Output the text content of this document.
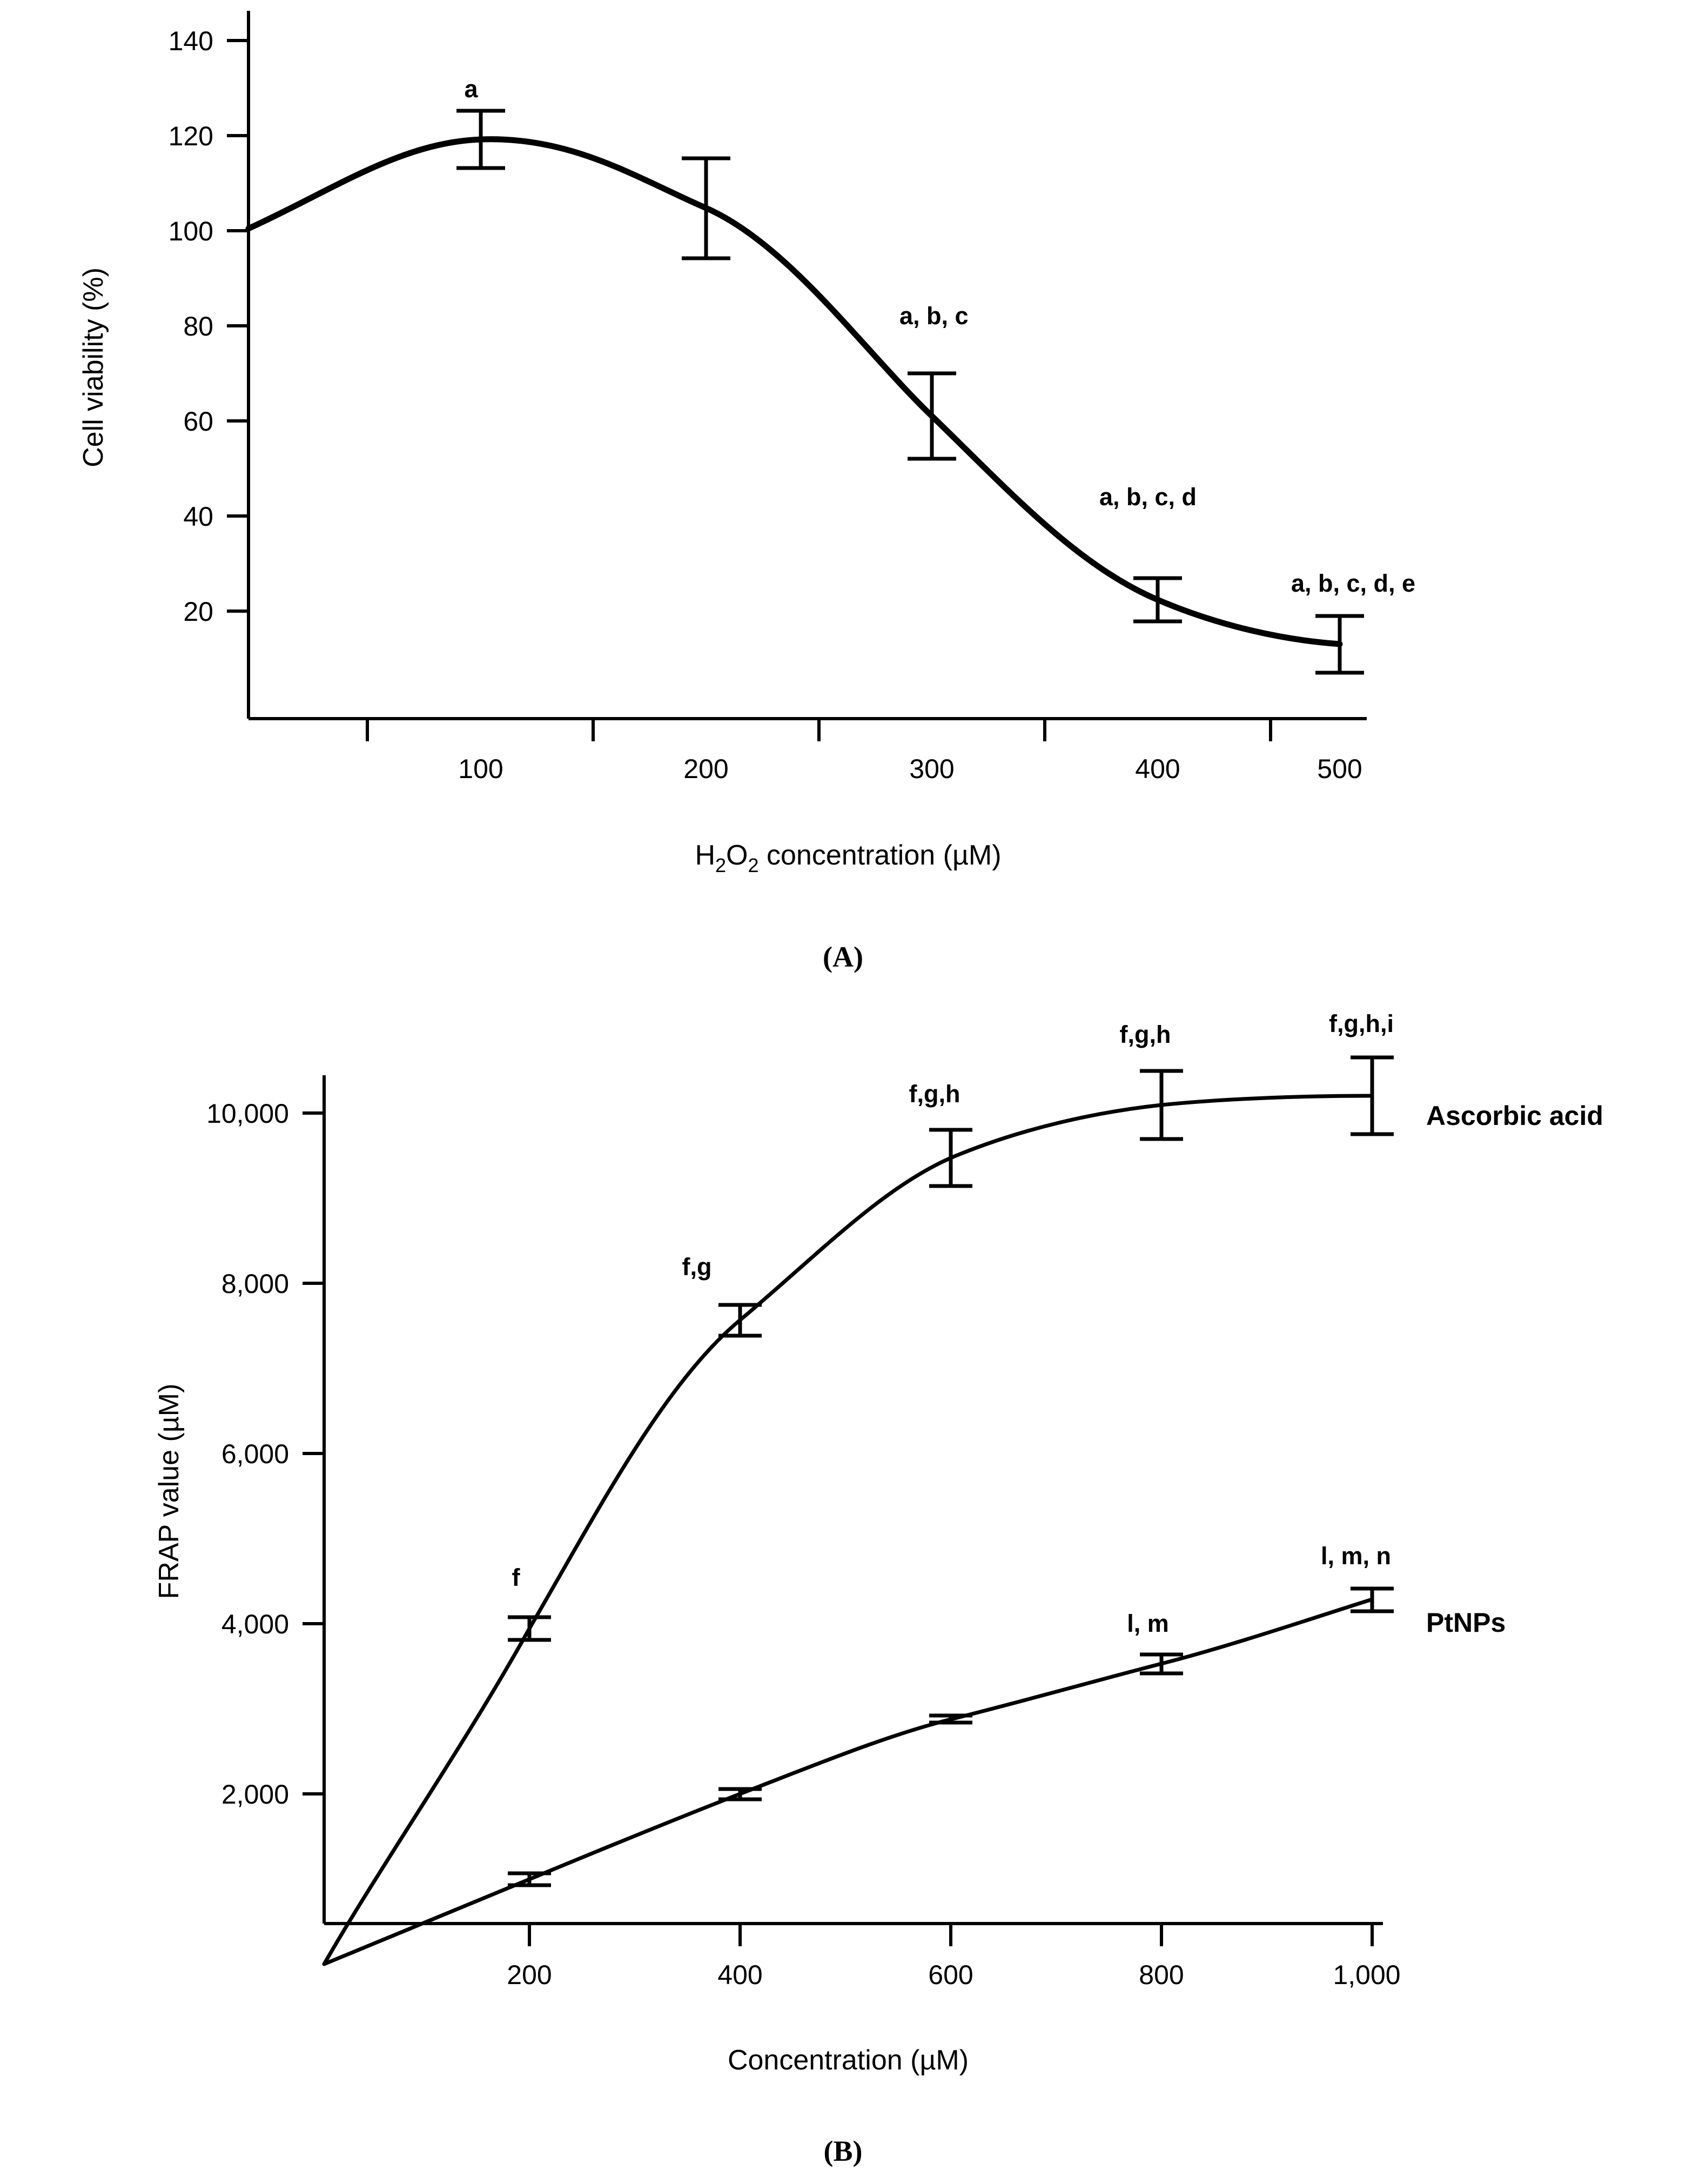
140
120
100
80
60
40
20
100	200	300	400	500
a
a, b, c
a, b, c, d
a, b, c, d, e
Cell viability (%)
$H_2O_2$ concentration (µM)
(A)
10,000
8,000
6,000
4,000
2,000
200	400	600	800	1,000
f
f,g
f,g,h
f,g,h	f,g,h,i
l, m
l, m, n
Ascorbic acid
PtNPs
FRAP value (µM)
Concentration (µM)
(B)
